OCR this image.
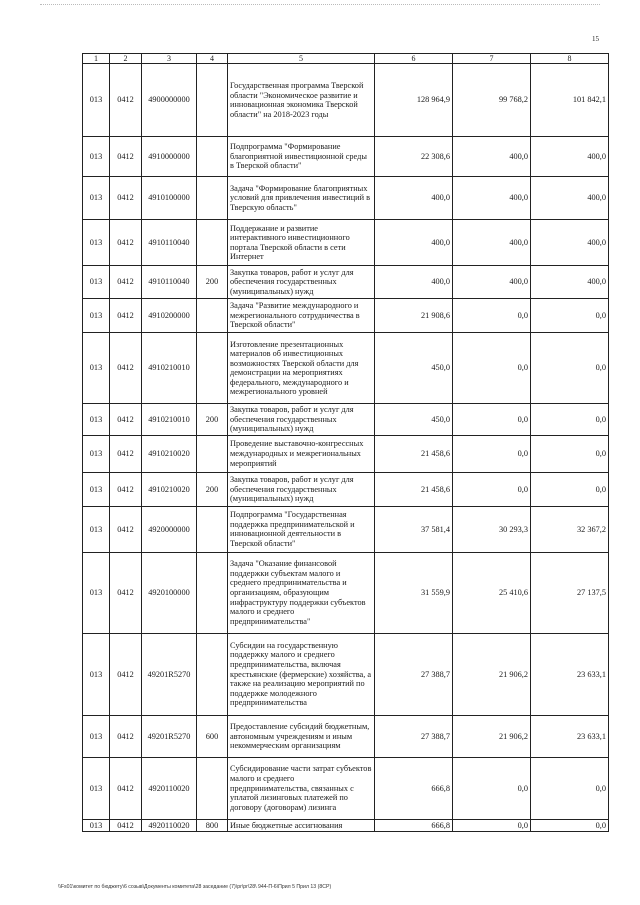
15
1	2	3	4	5	6	7	8
013	0412	4900000000		Государственная программа Тверской области "Экономическое развитие и инновационная экономика Тверской области" на 2018-2023 годы	128 964,9	99 768,2	101 842,1
013	0412	4910000000		Подпрограмма "Формирование благоприятной инвестиционной среды в Тверской области"	22 308,6	400,0	400,0
013	0412	4910100000		Задача "Формирование благоприятных условий для привлечения инвестиций в Тверскую область"	400,0	400,0	400,0
013	0412	4910110040		Поддержание и развитие интерактивного инвестиционного портала Тверской области в сети Интернет	400,0	400,0	400,0
013	0412	4910110040	200	Закупка товаров, работ и услуг для обеспечения государственных (муниципальных) нужд	400,0	400,0	400,0
013	0412	4910200000		Задача "Развитие международного и межрегионального сотрудничества в Тверской области"	21 908,6	0,0	0,0
013	0412	4910210010		Изготовление презентационных материалов об инвестиционных возможностях Тверской области для демонстрации на мероприятиях федерального, международного и межрегионального уровней	450,0	0,0	0,0
013	0412	4910210010	200	Закупка товаров, работ и услуг для обеспечения государственных (муниципальных) нужд	450,0	0,0	0,0
013	0412	4910210020		Проведение выставочно-конгрессных международных и межрегиональных мероприятий	21 458,6	0,0	0,0
013	0412	4910210020	200	Закупка товаров, работ и услуг для обеспечения государственных (муниципальных) нужд	21 458,6	0,0	0,0
013	0412	4920000000		Подпрограмма "Государственная поддержка предпринимательской и инновационной деятельности в Тверской области"	37 581,4	30 293,3	32 367,2
013	0412	4920100000		Задача "Оказание финансовой поддержки субъектам малого и среднего предпринимательства и организациям, образующим инфраструктуру поддержки субъектов малого и среднего предпринимательства"	31 559,9	25 410,6	27 137,5
013	0412	49201R5270		Субсидии на государственную поддержку малого и среднего предпринимательства, включая крестьянские (фермерские) хозяйства, а также на реализацию мероприятий по поддержке молодежного предпринимательства	27 388,7	21 906,2	23 633,1
013	0412	49201R5270	600	Предоставление субсидий бюджетным, автономным учреждениям и иным некоммерческим организациям	27 388,7	21 906,2	23 633,1
013	0412	4920110020		Субсидирование части затрат субъектов малого и среднего предпринимательства, связанных с уплатой лизинговых платежей по договору (договорам) лизинга	666,8	0,0	0,0
013	0412	4920110020	800	Иные бюджетные ассигнования	666,8	0,0	0,0
\\Fs01\комитет по бюджету\6 созыв\Документы комитета\28 заседание (7)\pr\pr\28\ 944-П-6\Прил 5 Прил 13 (8СР)
